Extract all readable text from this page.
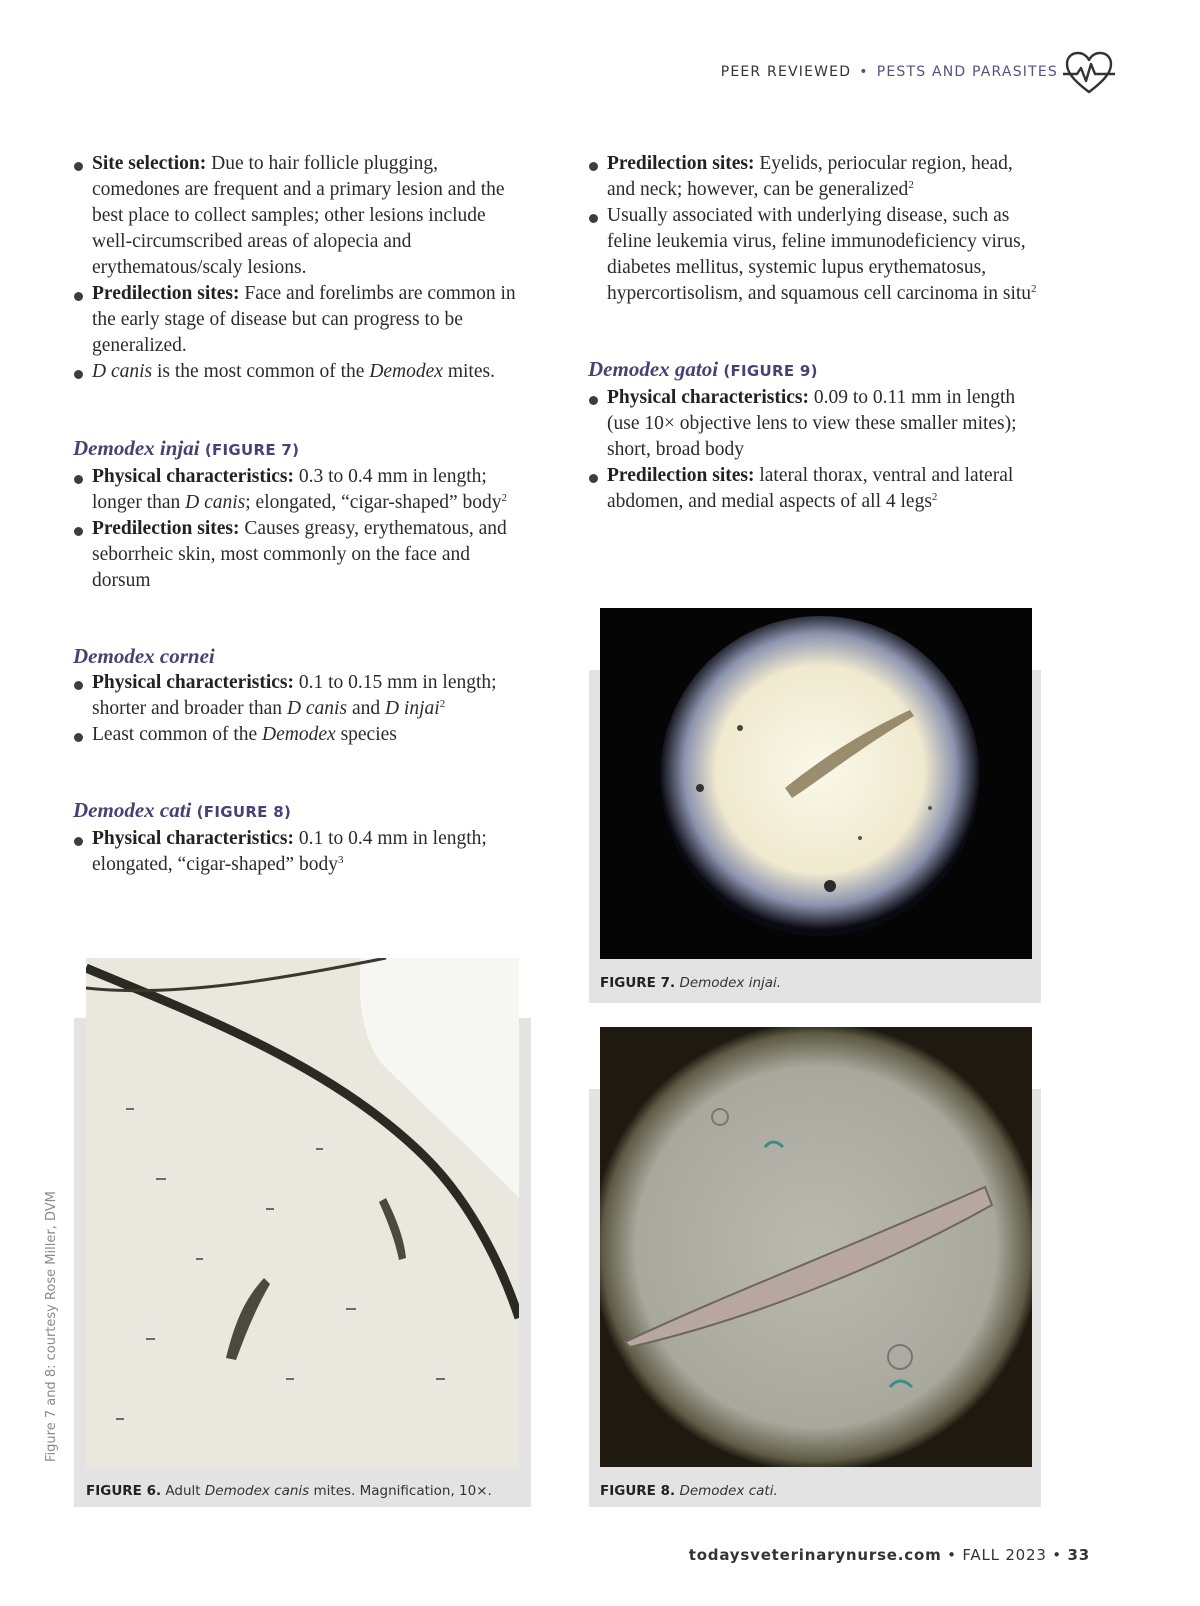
PEER REVIEWED • PESTS AND PARASITES
Site selection: Due to hair follicle plugging, comedones are frequent and a primary lesion and the best place to collect samples; other lesions include well-circumscribed areas of alopecia and erythematous/scaly lesions.
Predilection sites: Face and forelimbs are common in the early stage of disease but can progress to be generalized.
D canis is the most common of the Demodex mites.
Demodex injai (FIGURE 7)
Physical characteristics: 0.3 to 0.4 mm in length; longer than D canis; elongated, “cigar-shaped” body$^2$
Predilection sites: Causes greasy, erythematous, and seborrheic skin, most commonly on the face and dorsum
Demodex cornei
Physical characteristics: 0.1 to 0.15 mm in length; shorter and broader than D canis and D injai$^2$
Least common of the Demodex species
Demodex cati (FIGURE 8)
Physical characteristics: 0.1 to 0.4 mm in length; elongated, “cigar-shaped” body$^3$
Predilection sites: Eyelids, periocular region, head, and neck; however, can be generalized$^2$
Usually associated with underlying disease, such as feline leukemia virus, feline immunodeficiency virus, diabetes mellitus, systemic lupus erythematosus, hypercortisolism, and squamous cell carcinoma in situ$^2$
Demodex gatoi (FIGURE 9)
Physical characteristics: 0.09 to 0.11 mm in length (use 10× objective lens to view these smaller mites); short, broad body
Predilection sites: lateral thorax, ventral and lateral abdomen, and medial aspects of all 4 legs$^2$
FIGURE 7. Demodex injai.
FIGURE 8. Demodex cati.
FIGURE 6. Adult Demodex canis mites. Magnification, 10×.
Figure 7 and 8: courtesy Rose Miller, DVM
todaysveterinarynurse.com • FALL 2023 • 33
